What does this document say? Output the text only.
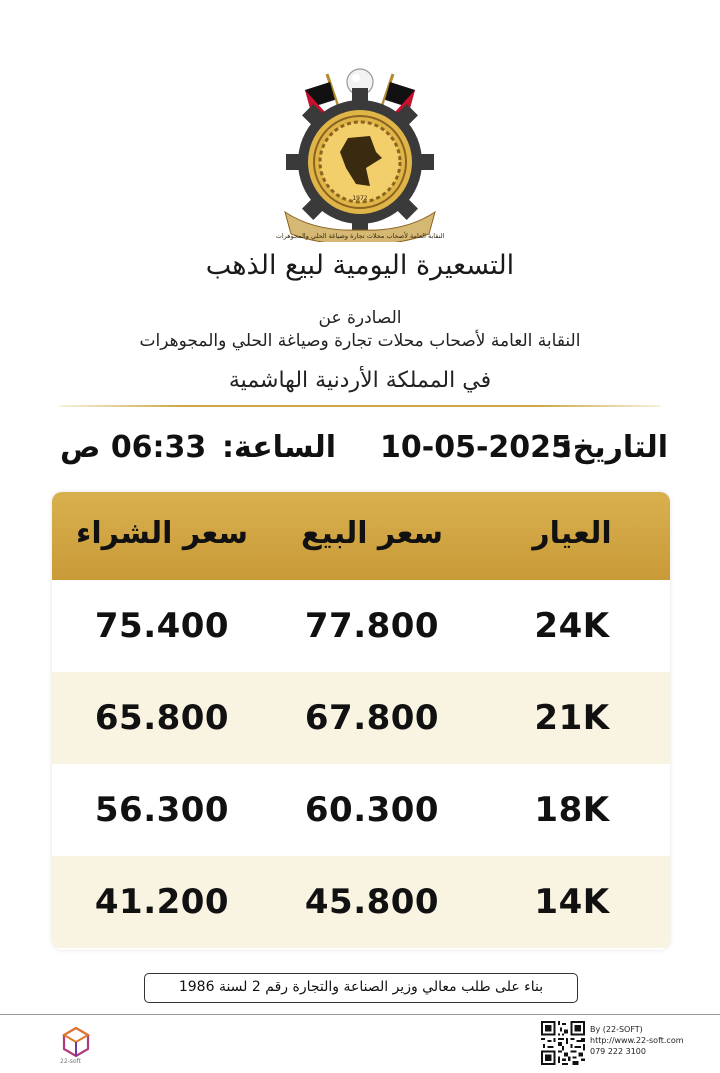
1972
النقابة العامة لأصحاب محلات تجارة وصياغة الحلي والمجوهرات
التسعيرة اليومية لبيع الذهب
الصادرة عن
النقابة العامة لأصحاب محلات تجارة وصياغة الحلي والمجوهرات
في المملكة الأردنية الهاشمية
التاريخ:
10-05-2025
الساعة:
06:33 ص
العيار
سعر البيع
سعر الشراء
24K
77.800
75.400
21K
67.800
65.800
18K
60.300
56.300
14K
45.800
41.200
بناء على طلب معالي وزير الصناعة والتجارة رقم 2 لسنة 1986
22-soft
By (22-SOFT)
http://www.22-soft.com
079 222 3100
